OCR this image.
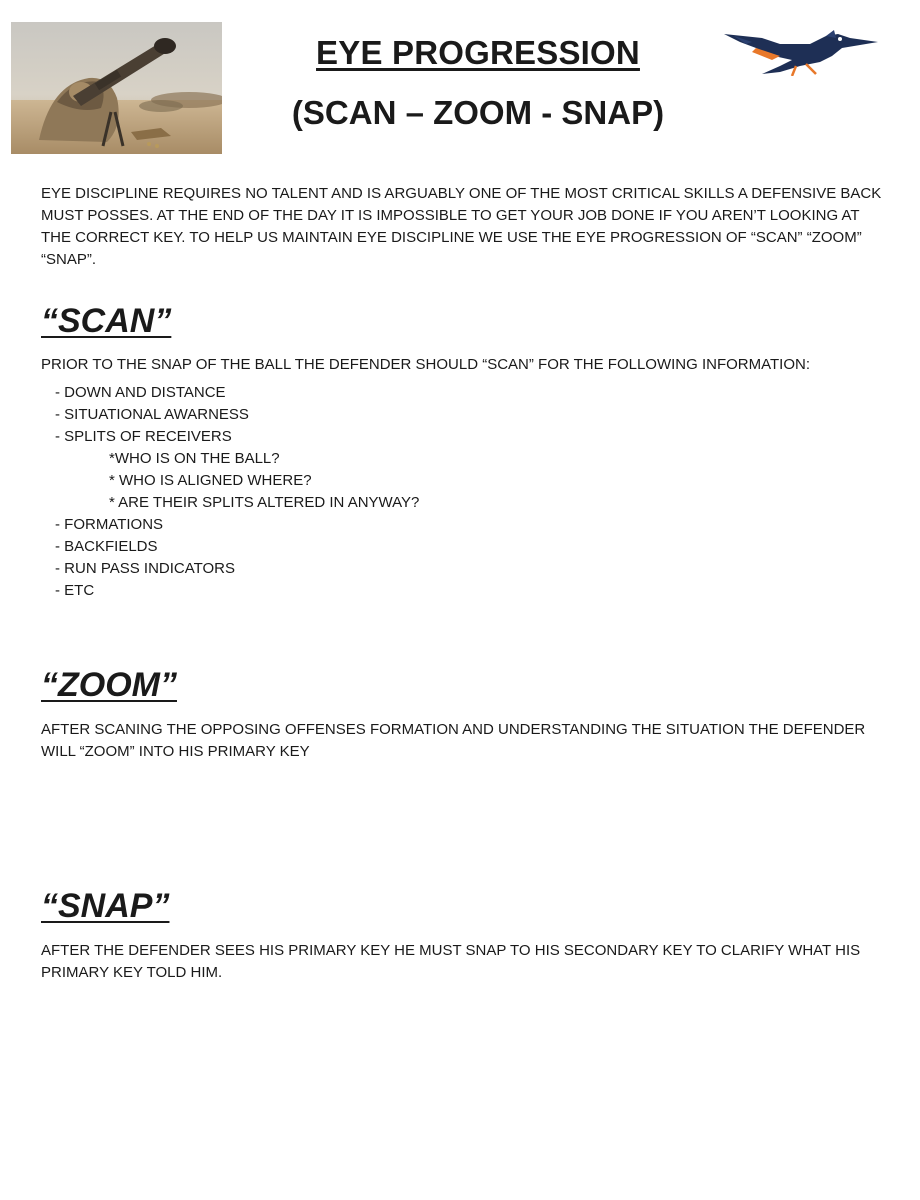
EYE PROGRESSION
(SCAN – ZOOM - SNAP)

EYE DISCIPLINE REQUIRES NO TALENT AND IS ARGUABLY ONE OF THE MOST CRITICAL SKILLS A DEFENSIVE BACK MUST POSSES. AT THE END OF THE DAY IT IS IMPOSSIBLE TO GET YOUR JOB DONE IF YOU AREN’T LOOKING AT THE CORRECT KEY. TO HELP US MAINTAIN EYE DISCIPLINE WE USE THE EYE PROGRESSION OF “SCAN” “ZOOM” “SNAP”.

“SCAN”

PRIOR TO THE SNAP OF THE BALL THE DEFENDER SHOULD “SCAN” FOR THE FOLLOWING INFORMATION:

- DOWN AND DISTANCE
- SITUATIONAL AWARNESS
- SPLITS OF RECEIVERS
*WHO IS ON THE BALL?
* WHO IS ALIGNED WHERE?
* ARE THEIR SPLITS ALTERED IN ANYWAY?
- FORMATIONS
- BACKFIELDS
- RUN PASS INDICATORS
- ETC
“ZOOM”

AFTER SCANING THE OPPOSING OFFENSES FORMATION AND UNDERSTANDING THE SITUATION THE DEFENDER WILL “ZOOM” INTO HIS PRIMARY KEY

“SNAP”

AFTER THE DEFENDER SEES HIS PRIMARY KEY HE MUST SNAP TO HIS SECONDARY KEY TO CLARIFY WHAT HIS PRIMARY KEY TOLD HIM.
